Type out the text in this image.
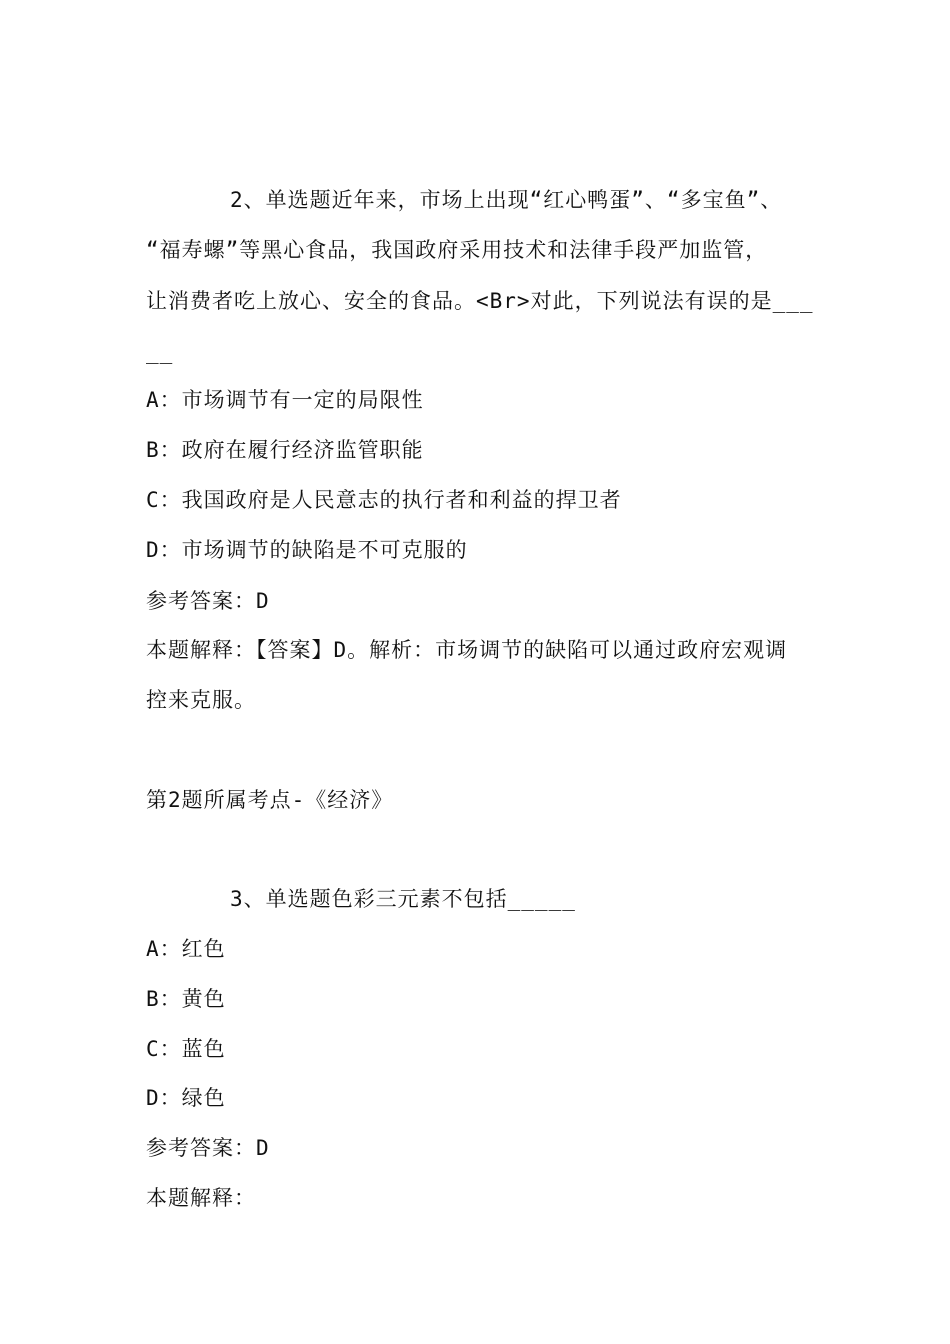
2、单选题近年来，市场上出现“红心鸭蛋”、“多宝鱼”、
“福寿螺”等黑心食品，我国政府采用技术和法律手段严加监管，
让消费者吃上放心、安全的食品。<Br>对此，下列说法有误的是___
__
A：市场调节有一定的局限性
B：政府在履行经济监管职能
C：我国政府是人民意志的执行者和利益的捍卫者
D：市场调节的缺陷是不可克服的
参考答案：D
本题解释：【答案】D。解析：市场调节的缺陷可以通过政府宏观调
控来克服。
第2题所属考点-《经济》
3、单选题色彩三元素不包括_____
A：红色
B：黄色
C：蓝色
D：绿色
参考答案：D
本题解释：
